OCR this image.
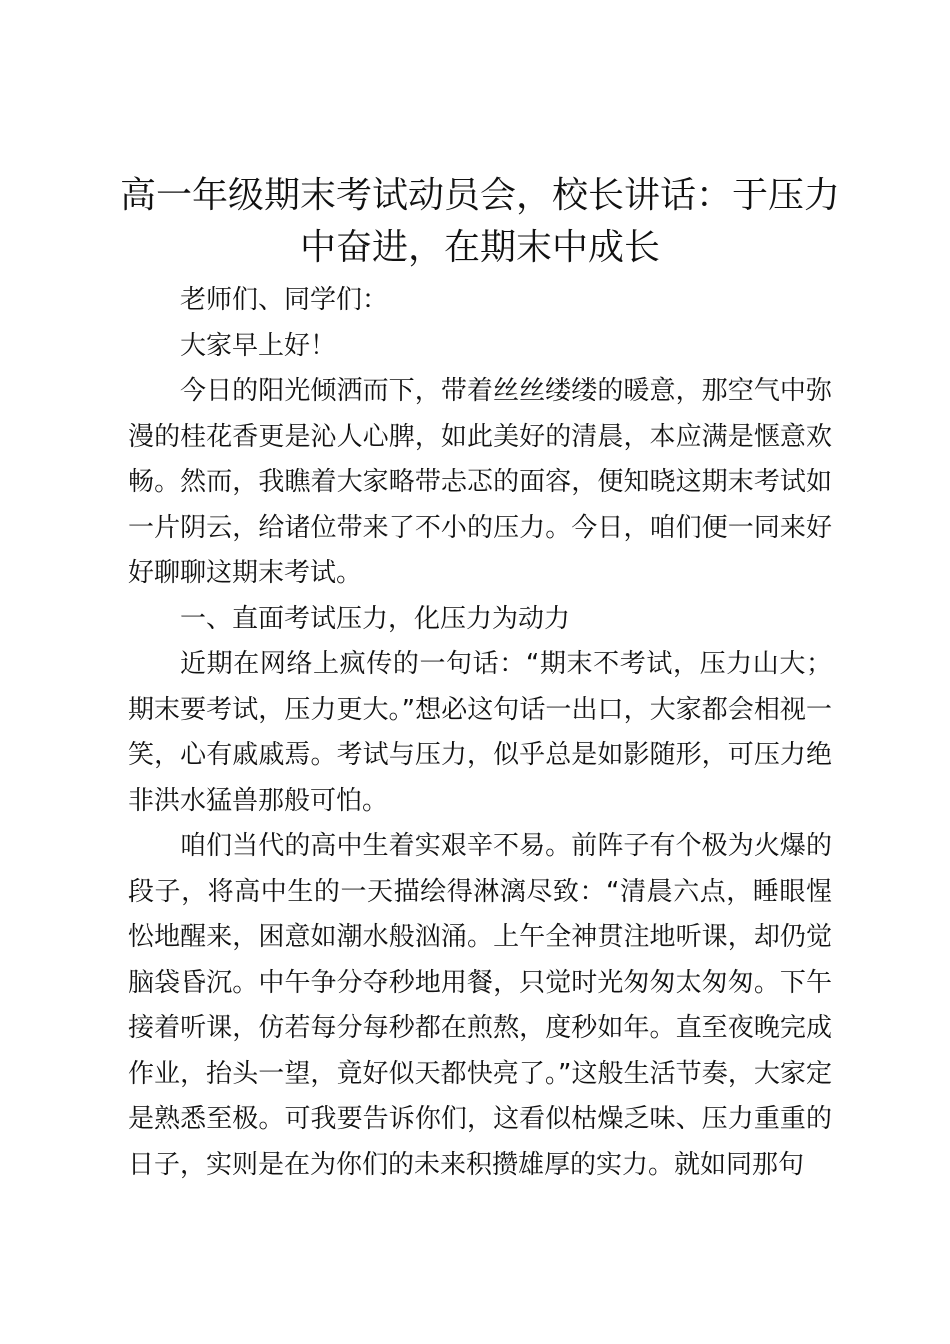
高一年级期末考试动员会，校长讲话：于压力中奋进，在期末中成长

老师们、同学们：

大家早上好！

今日的阳光倾洒而下，带着丝丝缕缕的暖意，那空气中弥漫的桂花香更是沁人心脾，如此美好的清晨，本应满是惬意欢畅。然而，我瞧着大家略带忐忑的面容，便知晓这期末考试如一片阴云，给诸位带来了不小的压力。今日，咱们便一同来好好聊聊这期末考试。

一、直面考试压力，化压力为动力

近期在网络上疯传的一句话：“期末不考试，压力山大；期末要考试，压力更大。”想必这句话一出口，大家都会相视一笑，心有戚戚焉。考试与压力，似乎总是如影随形，可压力绝非洪水猛兽那般可怕。

咱们当代的高中生着实艰辛不易。前阵子有个极为火爆的段子，将高中生的一天描绘得淋漓尽致：“清晨六点，睡眼惺忪地醒来，困意如潮水般汹涌。上午全神贯注地听课，却仍觉脑袋昏沉。中午争分夺秒地用餐，只觉时光匆匆太匆匆。下午接着听课，仿若每分每秒都在煎熬，度秒如年。直至夜晚完成作业，抬头一望，竟好似天都快亮了。”这般生活节奏，大家定是熟悉至极。可我要告诉你们，这看似枯燥乏味、压力重重的日子，实则是在为你们的未来积攒雄厚的实力。就如同那句
